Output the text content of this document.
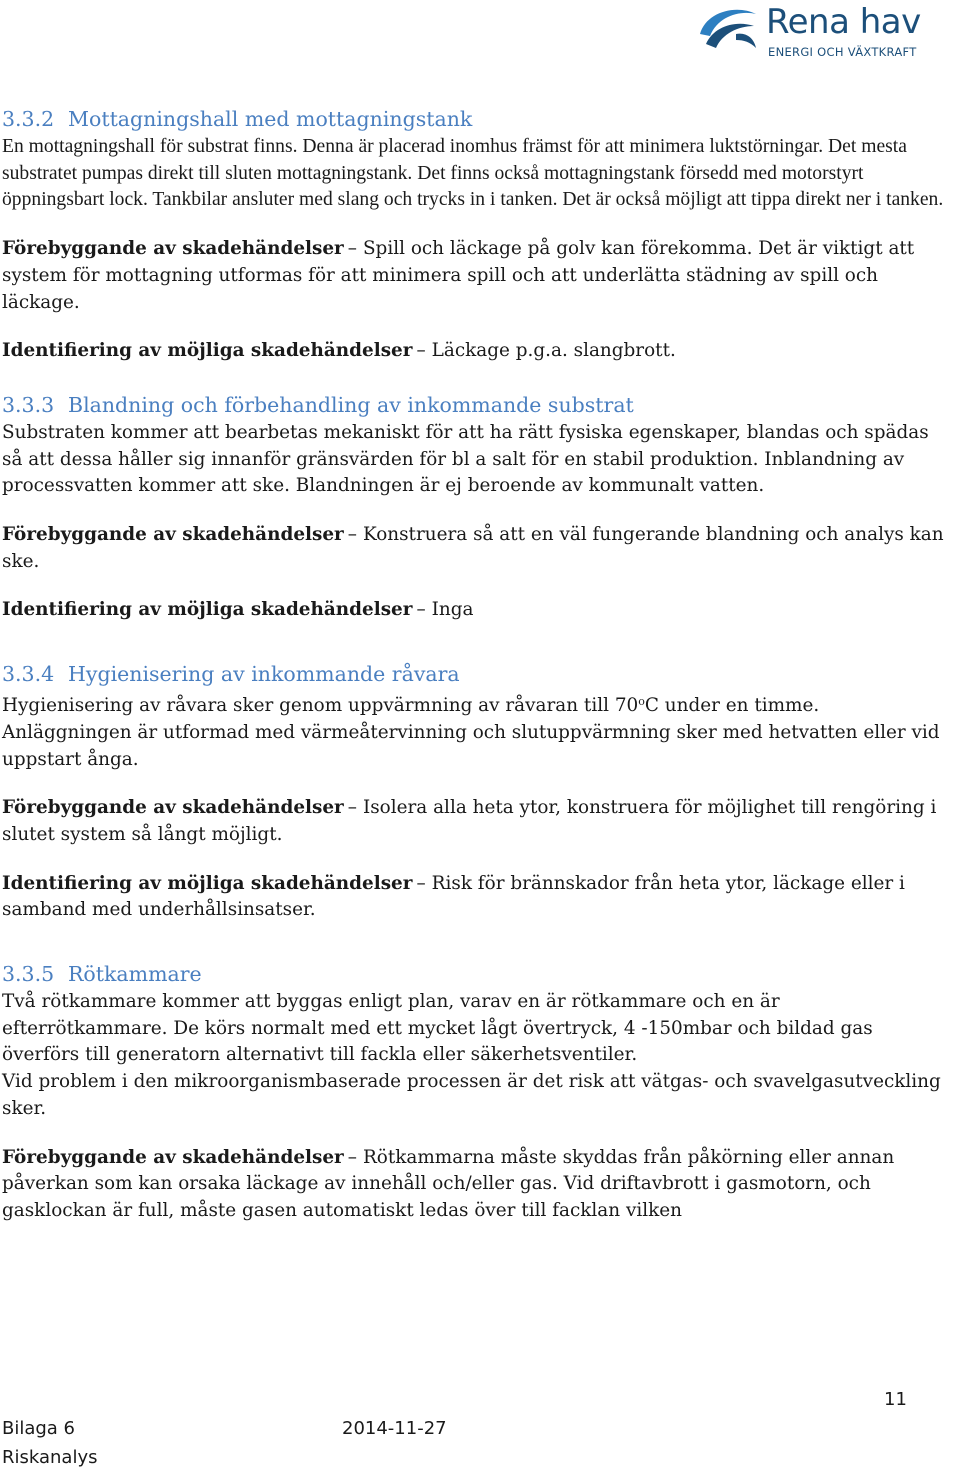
Rena hav
ENERGI OCH VÄXTKRAFT
3.3.2 Mottagningshall med mottagningstank

En mottagningshall för substrat finns. Denna är placerad inomhus främst för att minimera luktstörningar. Det mesta substratet pumpas direkt till sluten mottagningstank. Det finns också mottagningstank försedd med motorstyrt öppningsbart lock. Tankbilar ansluter med slang och trycks in i tanken. Det är också möjligt att tippa direkt ner i tanken.

Förebyggande av skadehändelser – Spill och läckage på golv kan förekomma. Det är viktigt att system för mottagning utformas för att minimera spill och att underlätta städning av spill och läckage.

Identifiering av möjliga skadehändelser – Läckage p.g.a. slangbrott.

3.3.3 Blandning och förbehandling av inkommande substrat

Substraten kommer att bearbetas mekaniskt för att ha rätt fysiska egenskaper, blandas och spädas så att dessa håller sig innanför gränsvärden för bl a salt för en stabil produktion. Inblandning av processvatten kommer att ske. Blandningen är ej beroende av kommunalt vatten.

Förebyggande av skadehändelser – Konstruera så att en väl fungerande blandning och analys kan ske.

Identifiering av möjliga skadehändelser – Inga

3.3.4 Hygienisering av inkommande råvara

Hygienisering av råvara sker genom uppvärmning av råvaran till 70$^o$C under en timme. Anläggningen är utformad med värmeåtervinning och slutuppvärmning sker med hetvatten eller vid uppstart ånga.

Förebyggande av skadehändelser – Isolera alla heta ytor, konstruera för möjlighet till rengöring i slutet system så långt möjligt.

Identifiering av möjliga skadehändelser – Risk för brännskador från heta ytor, läckage eller i samband med underhållsinsatser.

3.3.5 Rötkammare

Två rötkammare kommer att byggas enligt plan, varav en är rötkammare och en är efterrötkammare. De körs normalt med ett mycket lågt övertryck, 4 -150mbar och bildad gas överförs till generatorn alternativt till fackla eller säkerhetsventiler.

Vid problem i den mikroorganismbaserade processen är det risk att vätgas- och svavelgasutveckling sker.

Förebyggande av skadehändelser – Rötkammarna måste skyddas från påkörning eller annan påverkan som kan orsaka läckage av innehåll och/eller gas. Vid driftavbrott i gasmotorn, och gasklockan är full, måste gasen automatiskt ledas över till facklan vilken

11
Bilaga 6
Riskanalys
2014-11-27
